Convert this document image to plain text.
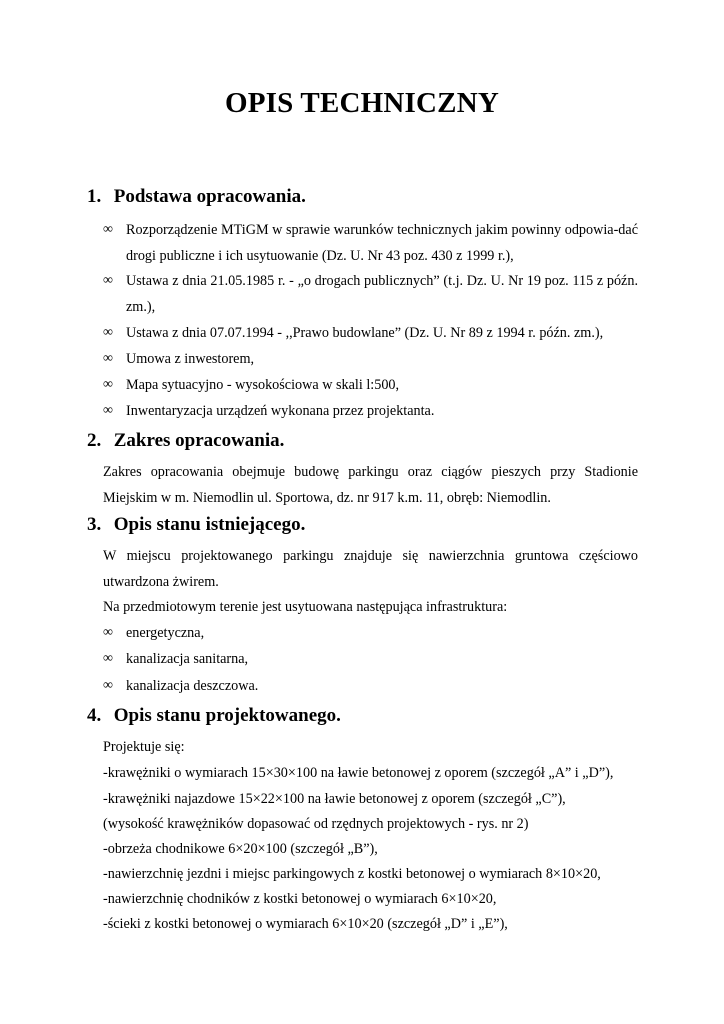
OPIS TECHNICZNY
1. Podstawa opracowania.
∞ Rozporządzenie MTiGM w sprawie warunków technicznych jakim powinny odpowia-dać drogi publiczne i ich usytuowanie (Dz. U. Nr 43 poz. 430 z 1999 r.),
∞ Ustawa z dnia 21.05.1985 r. - „o drogach publicznych” (t.j. Dz. U. Nr 19 poz. 115 z późn. zm.),
∞ Ustawa z dnia 07.07.1994 - ,,Prawo budowlane” (Dz. U. Nr 89 z 1994 r. późn. zm.),
∞ Umowa z inwestorem,
∞ Mapa sytuacyjno - wysokościowa w skali l:500,
∞ Inwentaryzacja urządzeń wykonana przez projektanta.
2. Zakres opracowania.
Zakres opracowania obejmuje budowę parkingu oraz ciągów pieszych przy Stadionie Miejskim w m. Niemodlin ul. Sportowa, dz. nr 917 k.m. 11, obręb: Niemodlin.
3. Opis stanu istniejącego.
W miejscu projektowanego parkingu znajduje się nawierzchnia gruntowa częściowo utwardzona żwirem.
Na przedmiotowym terenie jest usytuowana następująca infrastruktura:
∞ energetyczna,
∞ kanalizacja sanitarna,
∞ kanalizacja deszczowa.
4. Opis stanu projektowanego.
Projektuje się:
-krawężniki o wymiarach 15×30×100 na ławie betonowej z oporem (szczegół „A” i „D”),
-krawężniki najazdowe 15×22×100 na ławie betonowej z oporem (szczegół „C”),
(wysokość krawężników dopasować od rzędnych projektowych - rys. nr 2)
-obrzeża chodnikowe 6×20×100 (szczegół „B”),
-nawierzchnię jezdni i miejsc parkingowych z kostki betonowej o wymiarach 8×10×20,
-nawierzchnię chodników z kostki betonowej o wymiarach 6×10×20,
-ścieki z kostki betonowej o wymiarach 6×10×20 (szczegół „D” i „E”),
